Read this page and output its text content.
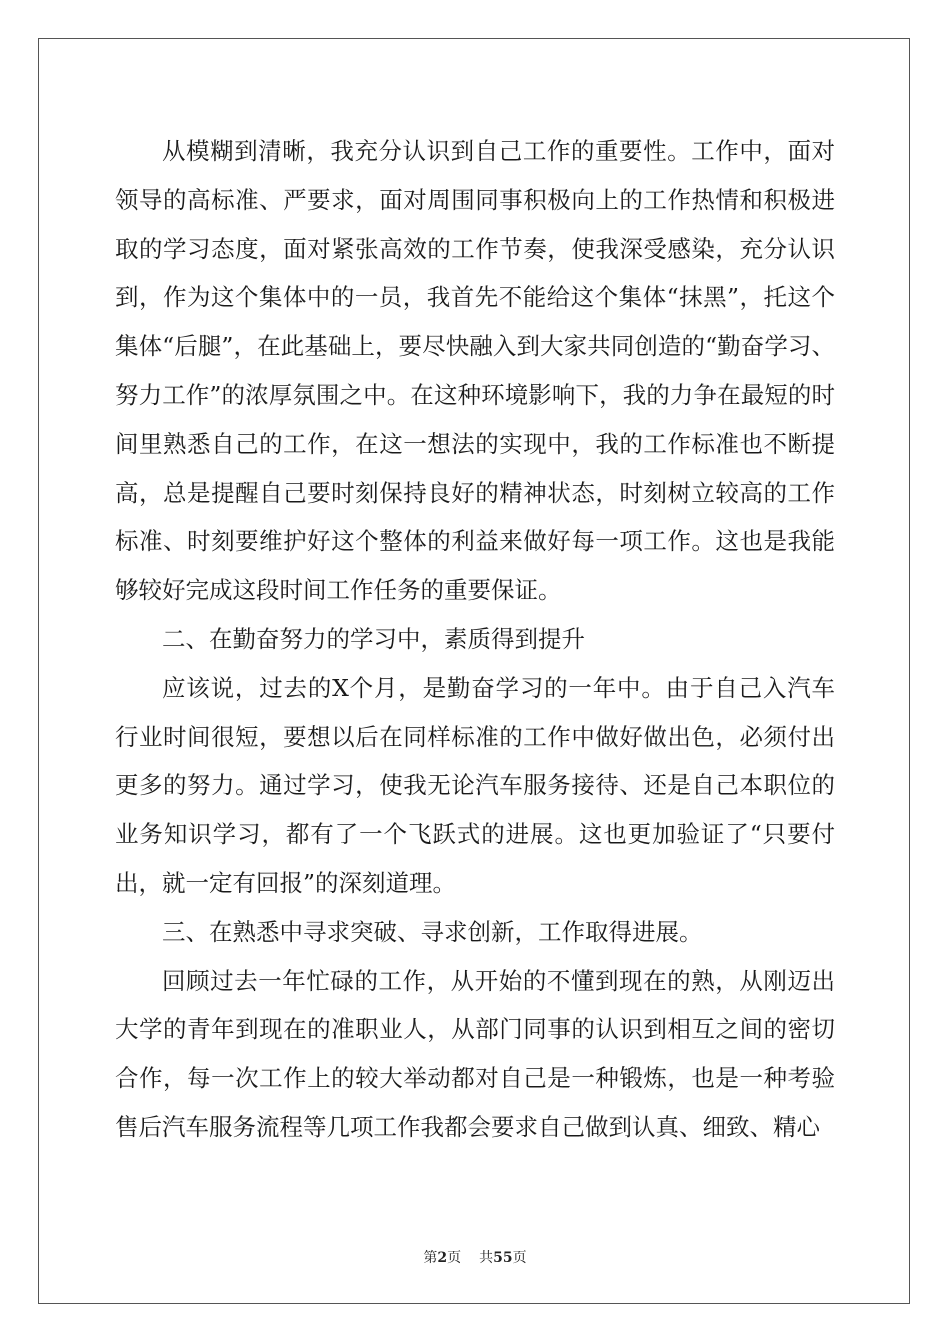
从模糊到清晰，我充分认识到自己工作的重要性。工作中，面对领导的高标准、严要求，面对周围同事积极向上的工作热情和积极进取的学习态度，面对紧张高效的工作节奏，使我深受感染，充分认识到，作为这个集体中的一员，我首先不能给这个集体“抹黑”，托这个集体“后腿”，在此基础上，要尽快融入到大家共同创造的“勤奋学习、努力工作”的浓厚氛围之中。在这种环境影响下，我的力争在最短的时间里熟悉自己的工作，在这一想法的实现中，我的工作标准也不断提高，总是提醒自己要时刻保持良好的精神状态，时刻树立较高的工作标准、时刻要维护好这个整体的利益来做好每一项工作。这也是我能够较好完成这段时间工作任务的重要保证。

二、在勤奋努力的学习中，素质得到提升

应该说，过去的X个月，是勤奋学习的一年中。由于自己入汽车行业时间很短，要想以后在同样标准的工作中做好做出色，必须付出更多的努力。通过学习，使我无论汽车服务接待、还是自己本职位的业务知识学习，都有了一个飞跃式的进展。这也更加验证了“只要付出，就一定有回报”的深刻道理。

三、在熟悉中寻求突破、寻求创新，工作取得进展。

回顾过去一年忙碌的工作，从开始的不懂到现在的熟，从刚迈出大学的青年到现在的准职业人，从部门同事的认识到相互之间的密切合作，每一次工作上的较大举动都对自己是一种锻炼，也是一种考验售后汽车服务流程等几项工作我都会要求自己做到认真、细致、精心

第2页 共55页
